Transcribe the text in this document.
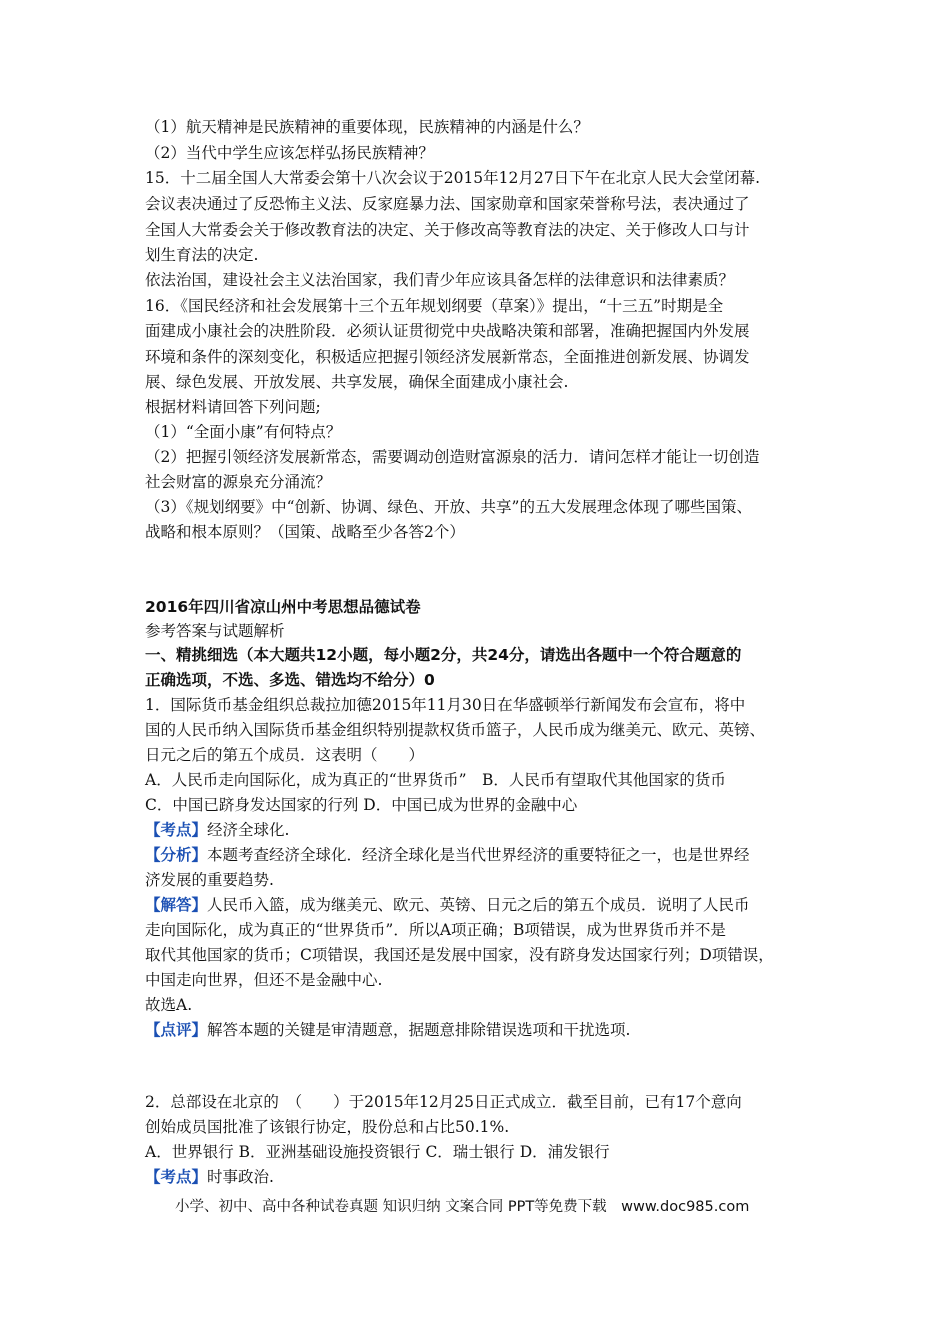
（1）航天精神是民族精神的重要体现，民族精神的内涵是什么？
（2）当代中学生应该怎样弘扬民族精神？
15．十二届全国人大常委会第十八次会议于2015年12月27日下午在北京人民大会堂闭幕.
会议表决通过了反恐怖主义法、反家庭暴力法、国家勋章和国家荣誉称号法，表决通过了
全国人大常委会关于修改教育法的决定、关于修改高等教育法的决定、关于修改人口与计
划生育法的决定.
依法治国，建设社会主义法治国家，我们青少年应该具备怎样的法律意识和法律素质？
16．《国民经济和社会发展第十三个五年规划纲要（草案）》提出，“十三五”时期是全
面建成小康社会的决胜阶段．必须认证贯彻党中央战略决策和部署，准确把握国内外发展
环境和条件的深刻变化，积极适应把握引领经济发展新常态，全面推进创新发展、协调发
展、绿色发展、开放发展、共享发展，确保全面建成小康社会.
根据材料请回答下列问题;
（1）“全面小康”有何特点？
（2）把握引领经济发展新常态，需要调动创造财富源泉的活力．请问怎样才能让一切创造
社会财富的源泉充分涌流？
（3）《规划纲要》中“创新、协调、绿色、开放、共享”的五大发展理念体现了哪些国策、
战略和根本原则？（国策、战略至少各答2个）
2016年四川省凉山州中考思想品德试卷
参考答案与试题解析
一、精挑细选（本大题共12小题，每小题2分，共24分，请选出各题中一个符合题意的
正确选项，不选、多选、错选均不给分）0
1．国际货币基金组织总裁拉加德2015年11月30日在华盛顿举行新闻发布会宣布，将中
国的人民币纳入国际货币基金组织特别提款权货币篮子，人民币成为继美元、欧元、英镑、
日元之后的第五个成员．这表明（　　）
A．人民币走向国际化，成为真正的“世界货币”　B．人民币有望取代其他国家的货币
C．中国已跻身发达国家的行列 D．中国已成为世界的金融中心
【考点】经济全球化.
【分析】本题考查经济全球化．经济全球化是当代世界经济的重要特征之一，也是世界经
济发展的重要趋势.
【解答】人民币入篮，成为继美元、欧元、英镑、日元之后的第五个成员．说明了人民币
走向国际化，成为真正的“世界货币”．所以A项正确；B项错误，成为世界货币并不是
取代其他国家的货币；C项错误，我国还是发展中国家，没有跻身发达国家行列；D项错误，
中国走向世界，但还不是金融中心.
故选A.
【点评】解答本题的关键是审清题意，据题意排除错误选项和干扰选项.
2．总部设在北京的　（　　）于2015年12月25日正式成立．截至目前，已有17个意向
创始成员国批准了该银行协定，股份总和占比50.1%.
A．世界银行 B．亚洲基础设施投资银行 C．瑞士银行 D．浦发银行
【考点】时事政治.
小学、初中、高中各种试卷真题 知识归纳 文案合同 PPT等免费下载　www.doc985.com
